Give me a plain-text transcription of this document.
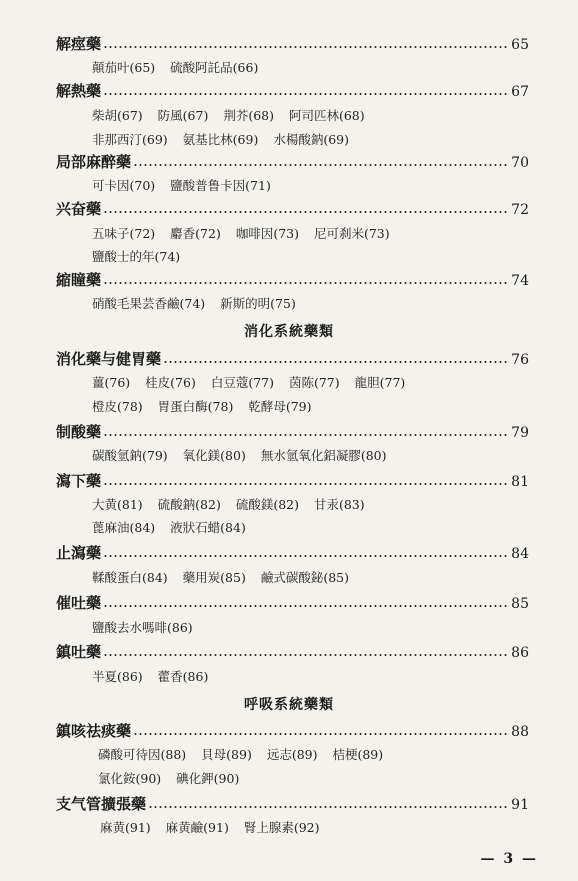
解痙藥	65
顛茄叶(65) 硫酸阿託品(66)
解熱藥	67
柴胡(67) 防風(67) 荆芥(68) 阿司匹林(68)
非那西汀(69) 氨基比林(69) 水楊酸鈉(69)
局部麻醉藥	70
可卡因(70) 鹽酸普鲁卡因(71)
兴奋藥	72
五味子(72) 麝香(72) 咖啡因(73) 尼可刹米(73)
鹽酸士的年(74)
縮瞳藥	74
硝酸毛果芸香鹼(74) 新斯的明(75)
消化系統藥類
消化藥与健胃藥	76
薑(76) 桂皮(76) 白豆蔻(77) 茵陈(77) 龍胆(77)
橙皮(78) 胃蛋白酶(78) 乾酵母(79)
制酸藥	79
碳酸氫鈉(79) 氧化鎂(80) 無水氫氧化鋁凝膠(80)
瀉下藥	81
大黄(81) 硫酸鈉(82) 硫酸鎂(82) 甘汞(83)
蓖麻油(84) 液狀石蜡(84)
止瀉藥	84
鞣酸蛋白(84) 藥用炭(85) 鹼式碳酸鉍(85)
催吐藥	85
鹽酸去水嗎啡(86)
鎮吐藥	86
半夏(86) 藿香(86)
呼吸系統藥類
鎮咳祛痰藥	88
磷酸可待因(88) 貝母(89) 远志(89) 桔梗(89)
氯化銨(90) 碘化鉀(90)
支气管擴張藥	91
麻黄(91) 麻黄鹼(91) 腎上腺素(92)
— 3 —
